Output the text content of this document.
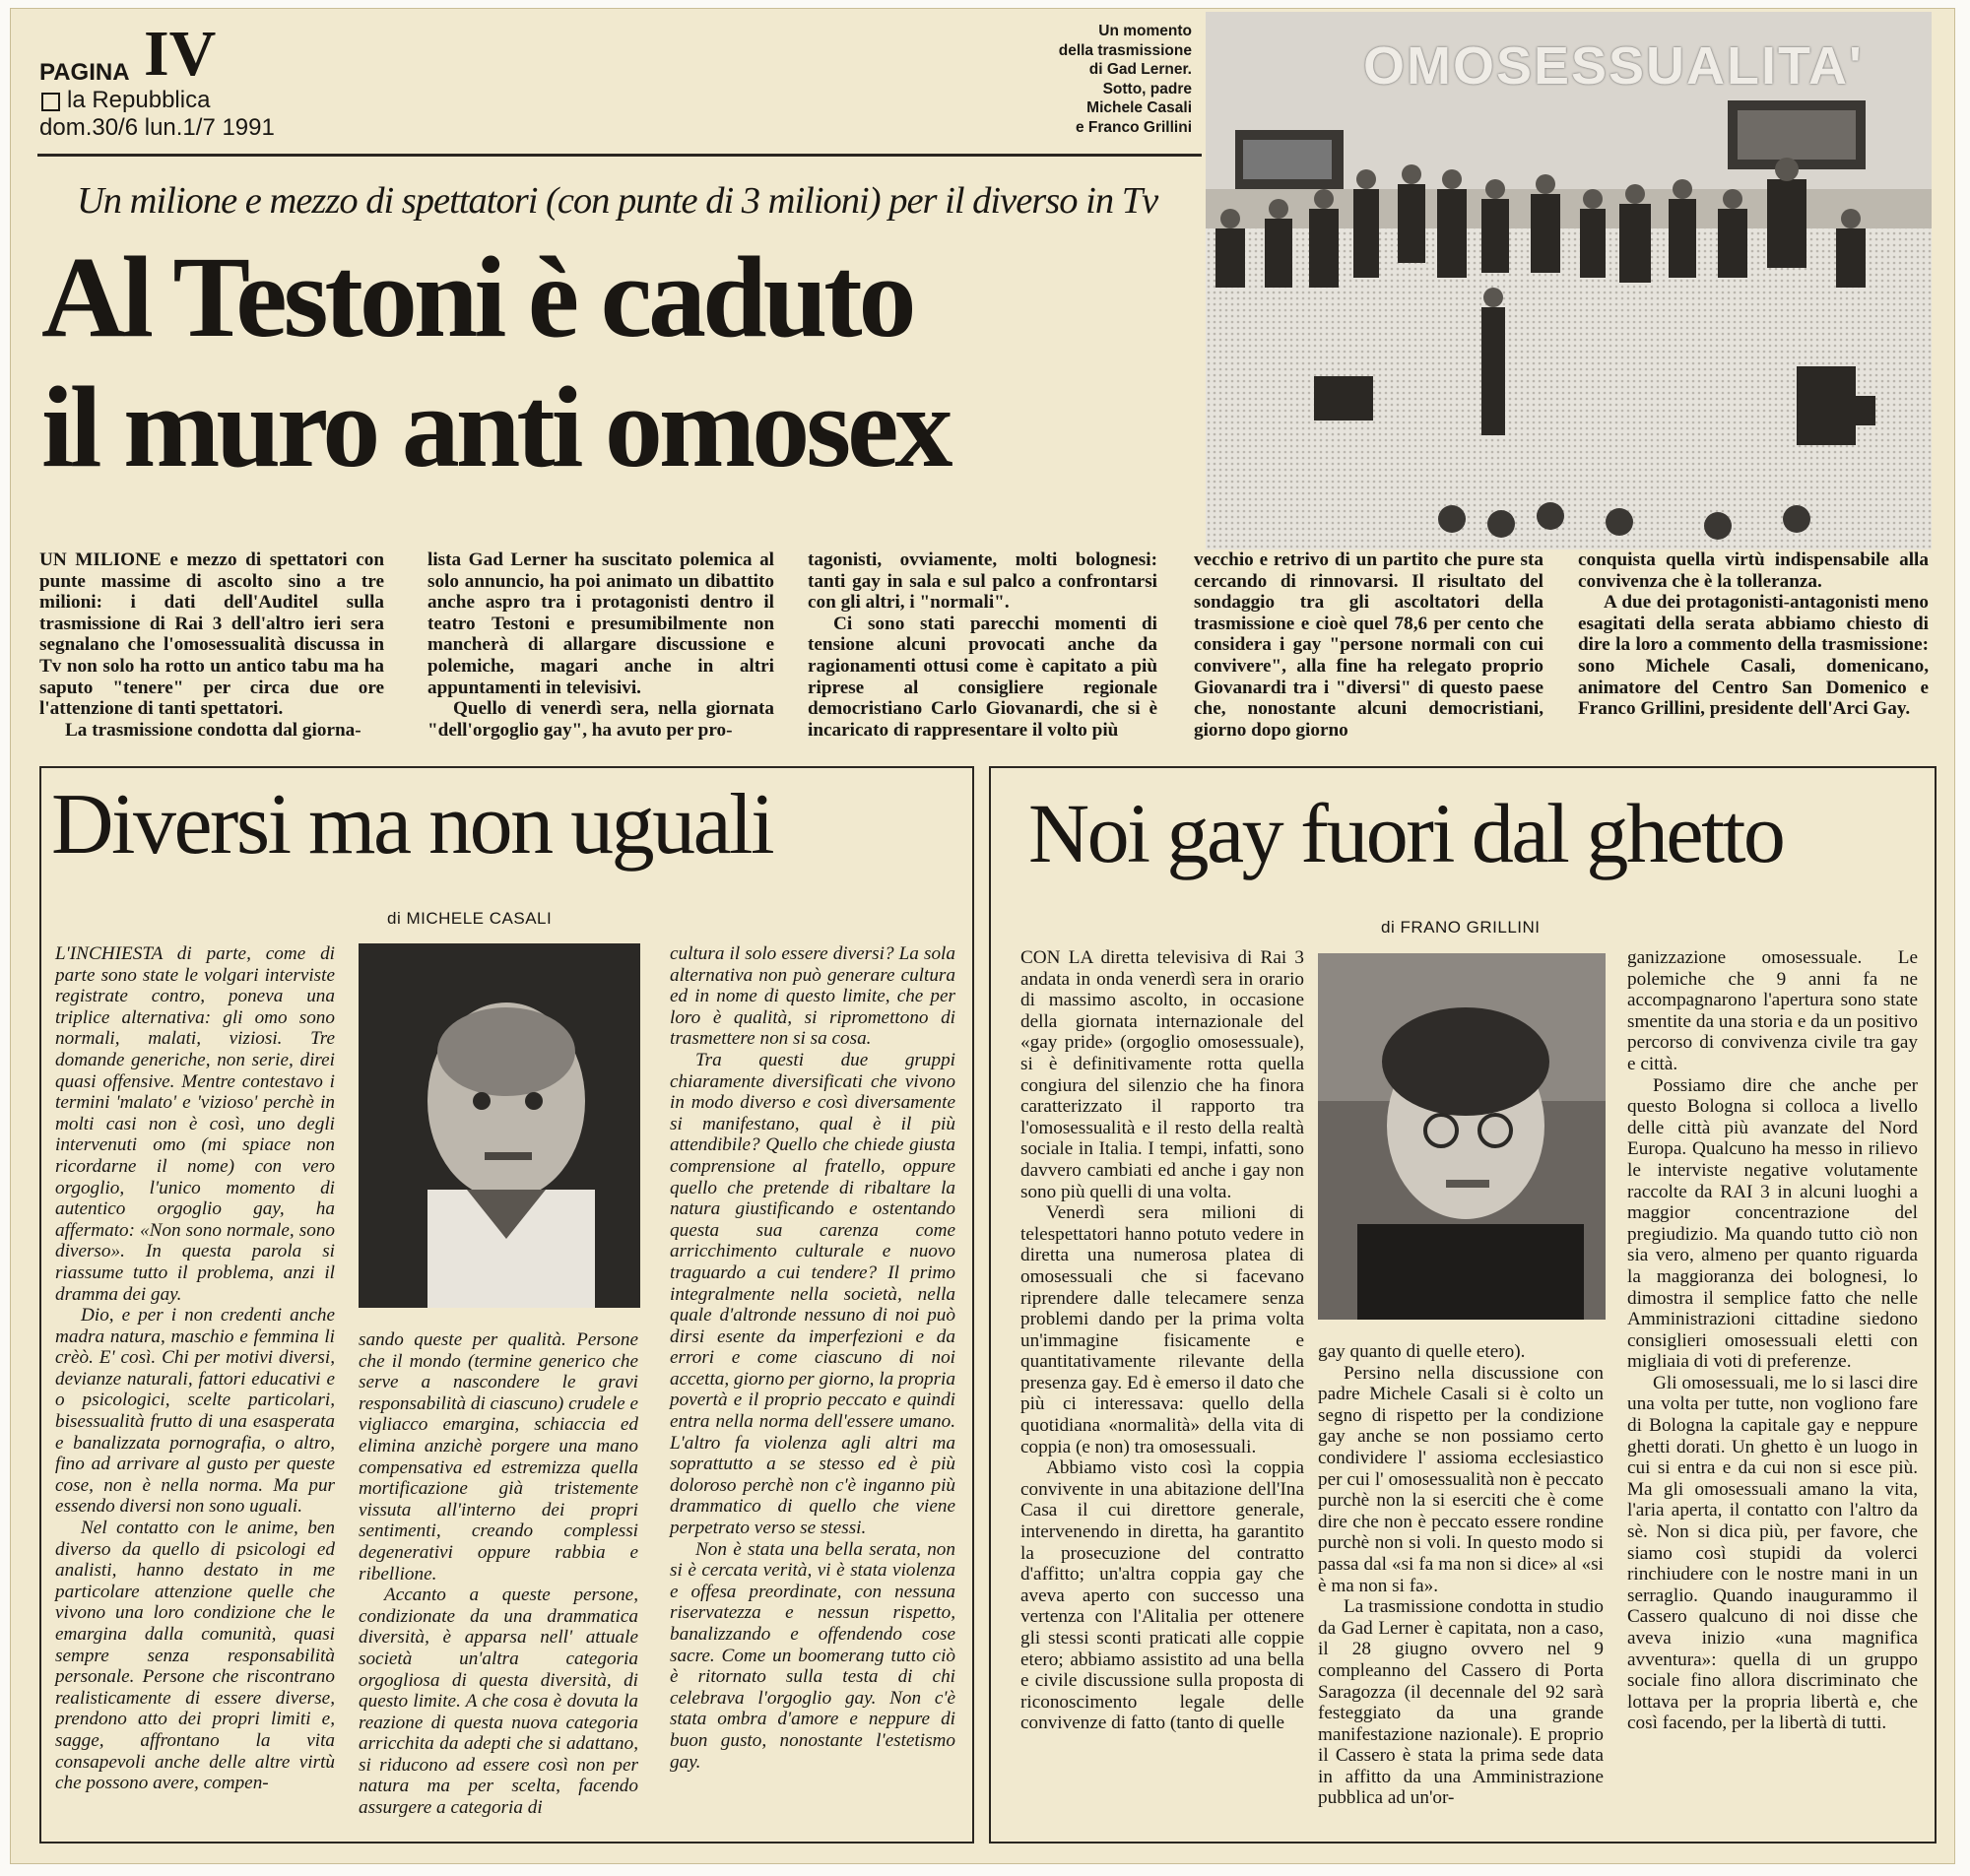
PAGINA IV
la Repubblica
dom.30/6 lun.1/7 1991
Un momento
della trasmissione
di Gad Lerner.
Sotto, padre
Michele Casali
e Franco Grillini
OMOSESSUALITA'
Un milione e mezzo di spettatori (con punte di 3 milioni) per il diverso in Tv
Al Testoni è caduto
il muro anti omosex

UN MILIONE e mezzo di spettatori con punte massime di ascolto sino a tre milioni: i dati dell'Auditel sulla trasmissione di Rai 3 dell'altro ieri sera segnalano che l'omosessualità discussa in Tv non solo ha rotto un antico tabu ma ha saputo "tenere" per circa due ore l'attenzione di tanti spettatori.

La trasmissione condotta dal giorna-

lista Gad Lerner ha suscitato polemica al solo annuncio, ha poi animato un dibattito anche aspro tra i protagonisti dentro il teatro Testoni e presumibilmente non mancherà di allargare discussione e polemiche, magari anche in altri appuntamenti in televisivi.

Quello di venerdì sera, nella giornata "dell'orgoglio gay", ha avuto per pro-

tagonisti, ovviamente, molti bolognesi: tanti gay in sala e sul palco a confrontarsi con gli altri, i "normali".

Ci sono stati parecchi momenti di tensione alcuni provocati anche da ragionamenti ottusi come è capitato a più riprese al consigliere regionale democristiano Carlo Giovanardi, che si è incaricato di rappresentare il volto più

vecchio e retrivo di un partito che pure sta cercando di rinnovarsi. Il risultato del sondaggio tra gli ascoltatori della trasmissione e cioè quel 78,6 per cento che considera i gay "persone normali con cui convivere", alla fine ha relegato proprio Giovanardi tra i "diversi" di questo paese che, nonostante alcuni democristiani, giorno dopo giorno

conquista quella virtù indispensabile alla convivenza che è la tolleranza.

A due dei protagonisti-antagonisti meno esagitati della serata abbiamo chiesto di dire la loro a commento della trasmissione: sono Michele Casali, domenicano, animatore del Centro San Domenico e Franco Grillini, presidente dell'Arci Gay.

Diversi ma non uguali
di MICHELE CASALI

L'INCHIESTA di parte, come di parte sono state le volgari interviste registrate contro, poneva una triplice alternativa: gli omo sono normali, malati, viziosi. Tre domande generiche, non serie, direi quasi offensive. Mentre contestavo i termini 'malato' e 'vizioso' perchè in molti casi non è così, uno degli intervenuti omo (mi spiace non ricordarne il nome) con vero orgoglio, l'unico momento di autentico orgoglio gay, ha affermato: «Non sono normale, sono diverso». In questa parola si riassume tutto il problema, anzi il dramma dei gay.

Dio, e per i non credenti anche madra natura, maschio e femmina li crèò. E' così. Chi per motivi diversi, devianze naturali, fattori educativi e o psicologici, scelte particolari, bisessualità frutto di una esasperata e banalizzata pornografia, o altro, fino ad arrivare al gusto per queste cose, non è nella norma. Ma pur essendo diversi non sono uguali.

Nel contatto con le anime, ben diverso da quello di psicologi ed analisti, hanno destato in me particolare attenzione quelle che vivono una loro condizione che le emargina dalla comunità, quasi sempre senza responsabilità personale. Persone che riscontrano realisticamente di essere diverse, prendono atto dei propri limiti e, sagge, affrontano la vita consapevoli anche delle altre virtù che possono avere, compen-

sando queste per qualità. Persone che il mondo (termine generico che serve a nascondere le gravi responsabilità di ciascuno) crudele e vigliacco emargina, schiaccia ed elimina anzichè porgere una mano compensativa ed estremizza quella mortificazione già tristemente vissuta all'interno dei propri sentimenti, creando complessi degenerativi oppure rabbia e ribellione.

Accanto a queste persone, condizionate da una drammatica diversità, è apparsa nell' attuale società un'altra categoria orgogliosa di questa diversità, di questo limite. A che cosa è dovuta la reazione di questa nuova categoria arricchita da adepti che si adattano, si riducono ad essere così non per natura ma per scelta, facendo assurgere a categoria di

cultura il solo essere diversi? La sola alternativa non può generare cultura ed in nome di questo limite, che per loro è qualità, si ripromettono di trasmettere non si sa cosa.

Tra questi due gruppi chiaramente diversificati che vivono in modo diverso e così diversamente si manifestano, qual è il più attendibile? Quello che chiede giusta comprensione al fratello, oppure quello che pretende di ribaltare la natura giustificando e ostentando questa sua carenza come arricchimento culturale e nuovo traguardo a cui tendere? Il primo integralmente nella società, nella quale d'altronde nessuno di noi può dirsi esente da imperfezioni e da errori e come ciascuno di noi accetta, giorno per giorno, la propria povertà e il proprio peccato e quindi entra nella norma dell'essere umano. L'altro fa violenza agli altri ma soprattutto a se stesso ed è più doloroso perchè non c'è inganno più drammatico di quello che viene perpetrato verso se stessi.

Non è stata una bella serata, non si è cercata verità, vi è stata violenza e offesa preordinate, con nessuna riservatezza e nessun rispetto, banalizzando e offendendo cose sacre. Come un boomerang tutto ciò è ritornato sulla testa di chi celebrava l'orgoglio gay. Non c'è stata ombra d'amore e neppure di buon gusto, nonostante l'estetismo gay.

Noi gay fuori dal ghetto
di FRANO GRILLINI

CON LA diretta televisiva di Rai 3 andata in onda venerdì sera in orario di massimo ascolto, in occasione della giornata internazionale del «gay pride» (orgoglio omosessuale), si è definitivamente rotta quella congiura del silenzio che ha finora caratterizzato il rapporto tra l'omosessualità e il resto della realtà sociale in Italia. I tempi, infatti, sono davvero cambiati ed anche i gay non sono più quelli di una volta.

Venerdì sera milioni di telespettatori hanno potuto vedere in diretta una numerosa platea di omosessuali che si facevano riprendere dalle telecamere senza problemi dando per la prima volta un'immagine fisicamente e quantitativamente rilevante della presenza gay. Ed è emerso il dato che più ci interessava: quello della quotidiana «normalità» della vita di coppia (e non) tra omosessuali.

Abbiamo visto così la coppia convivente in una abitazione dell'Ina Casa il cui direttore generale, intervenendo in diretta, ha garantito la prosecuzione del contratto d'affitto; un'altra coppia gay che aveva aperto con successo una vertenza con l'Alitalia per ottenere gli stessi sconti praticati alle coppie etero; abbiamo assistito ad una bella e civile discussione sulla proposta di riconoscimento legale delle convivenze di fatto (tanto di quelle

gay quanto di quelle etero).

Persino nella discussione con padre Michele Casali si è colto un segno di rispetto per la condizione gay anche se non possiamo certo condividere l' assioma ecclesiastico per cui l' omosessualità non è peccato purchè non la si eserciti che è come dire che non è peccato essere rondine purchè non si voli. In questo modo si passa dal «si fa ma non si dice» al «si è ma non si fa».

La trasmissione condotta in studio da Gad Lerner è capitata, non a caso, il 28 giugno ovvero nel 9 compleanno del Cassero di Porta Saragozza (il decennale del 92 sarà festeggiato da una grande manifestazione nazionale). E proprio il Cassero è stata la prima sede data in affitto da una Amministrazione pubblica ad un'or-

ganizzazione omosessuale. Le polemiche che 9 anni fa ne accompagnarono l'apertura sono state smentite da una storia e da un positivo percorso di convivenza civile tra gay e città.

Possiamo dire che anche per questo Bologna si colloca a livello delle città più avanzate del Nord Europa. Qualcuno ha messo in rilievo le interviste negative volutamente raccolte da RAI 3 in alcuni luoghi a maggior concentrazione del pregiudizio. Ma quando tutto ciò non sia vero, almeno per quanto riguarda la maggioranza dei bolognesi, lo dimostra il semplice fatto che nelle Amministrazioni cittadine siedono consiglieri omosessuali eletti con migliaia di voti di preferenze.

Gli omosessuali, me lo si lasci dire una volta per tutte, non vogliono fare di Bologna la capitale gay e neppure ghetti dorati. Un ghetto è un luogo in cui si entra e da cui non si esce più. Ma gli omosessuali amano la vita, l'aria aperta, il contatto con l'altro da sè. Non si dica più, per favore, che siamo così stupidi da volerci rinchiudere con le nostre mani in un serraglio. Quando inaugurammo il Cassero qualcuno di noi disse che aveva inizio «una magnifica avventura»: quella di un gruppo sociale fino allora discriminato che lottava per la propria libertà e, che così facendo, per la libertà di tutti.
